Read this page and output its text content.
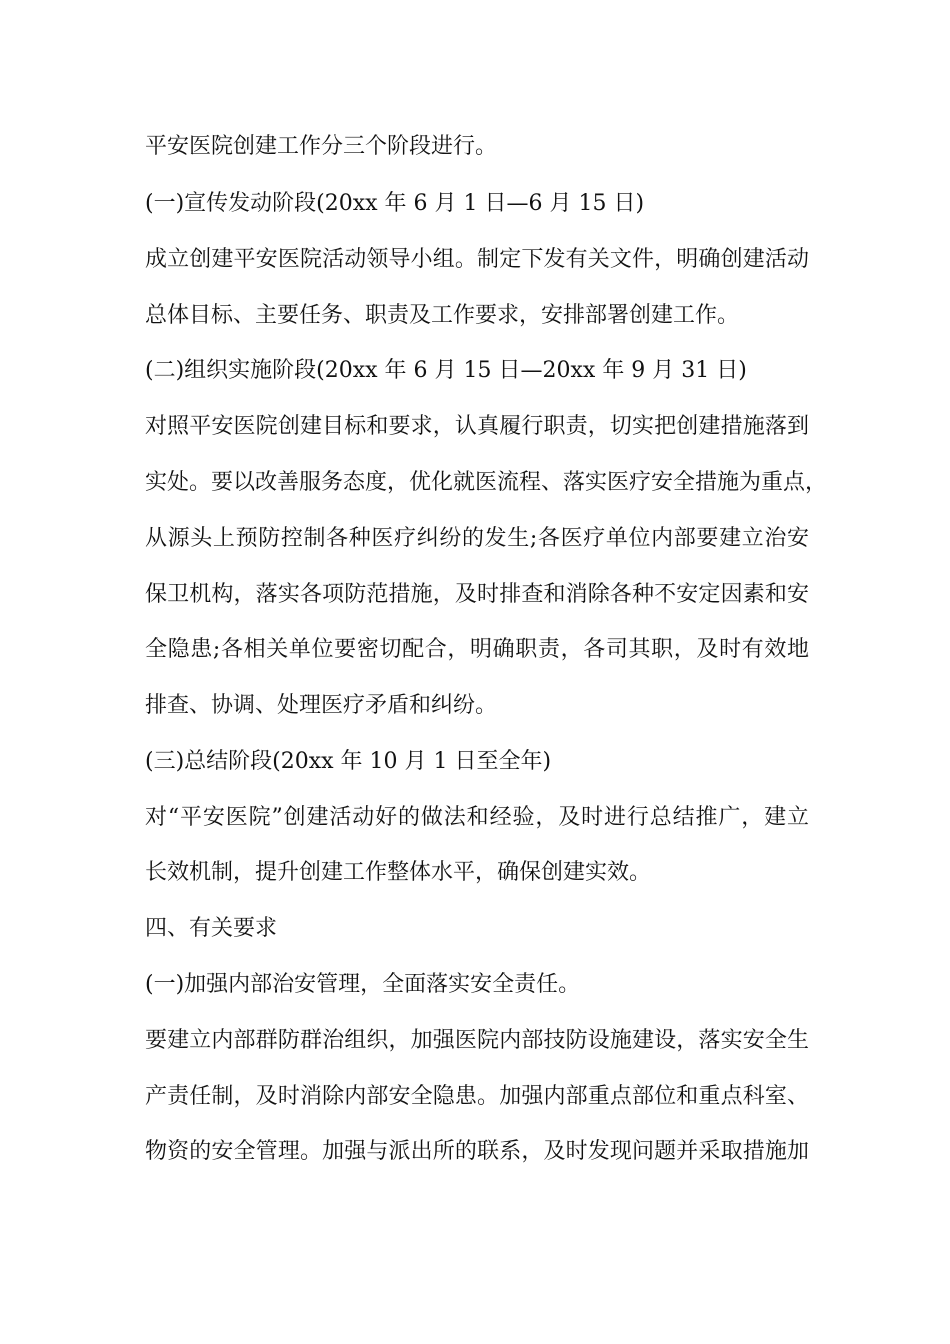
平安医院创建工作分三个阶段进行。

(一)宣传发动阶段(20xx 年 6 月 1 日—6 月 15 日)

成立创建平安医院活动领导小组。制定下发有关文件，明确创建活动

总体目标、主要任务、职责及工作要求，安排部署创建工作。

(二)组织实施阶段(20xx 年 6 月 15 日—20xx 年 9 月 31 日)

对照平安医院创建目标和要求，认真履行职责，切实把创建措施落到

实处。要以改善服务态度，优化就医流程、落实医疗安全措施为重点，

从源头上预防控制各种医疗纠纷的发生;各医疗单位内部要建立治安

保卫机构，落实各项防范措施，及时排查和消除各种不安定因素和安

全隐患;各相关单位要密切配合，明确职责，各司其职，及时有效地

排查、协调、处理医疗矛盾和纠纷。

(三)总结阶段(20xx 年 10 月 1 日至全年)

对“平安医院”创建活动好的做法和经验，及时进行总结推广，建立

长效机制，提升创建工作整体水平，确保创建实效。

四、有关要求

(一)加强内部治安管理，全面落实安全责任。

要建立内部群防群治组织，加强医院内部技防设施建设，落实安全生

产责任制，及时消除内部安全隐患。加强内部重点部位和重点科室、

物资的安全管理。加强与派出所的联系，及时发现问题并采取措施加
